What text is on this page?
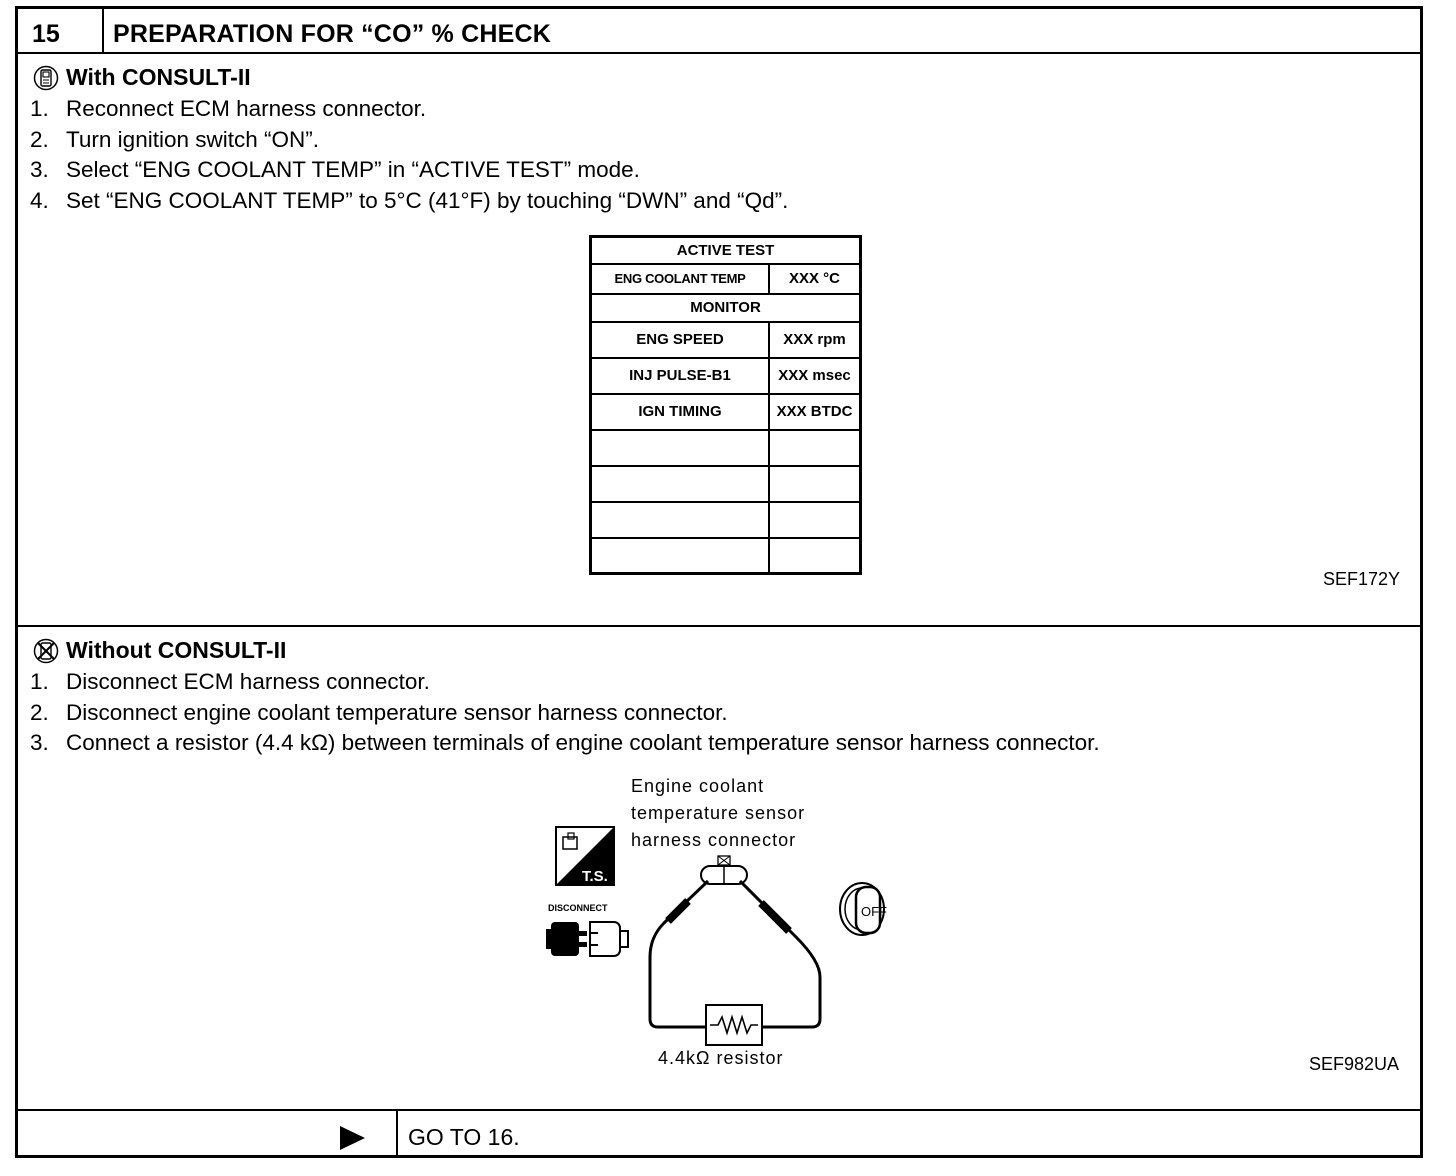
15 PREPARATION FOR “CO” % CHECK
With CONSULT-II
1. Reconnect ECM harness connector.
2. Turn ignition switch “ON”.
3. Select “ENG COOLANT TEMP” in “ACTIVE TEST” mode.
4. Set “ENG COOLANT TEMP” to 5°C (41°F) by touching “DWN” and “Qd”.
ACTIVE TEST	
ENG COOLANT TEMP	XXX °C
MONITOR	
ENG SPEED	XXX rpm
INJ PULSE-B1	XXX msec
IGN TIMING	XXX BTDC

SEF172Y
Without CONSULT-II
1. Disconnect ECM harness connector.
2. Disconnect engine coolant temperature sensor harness connector.
3. Connect a resistor (4.4 kΩ) between terminals of engine coolant temperature sensor harness connector.
Engine coolant
temperature sensor
harness connector
T.S.
DISCONNECT	OFF
4.4kΩ resistor	SEF982UA
GO TO 16.
